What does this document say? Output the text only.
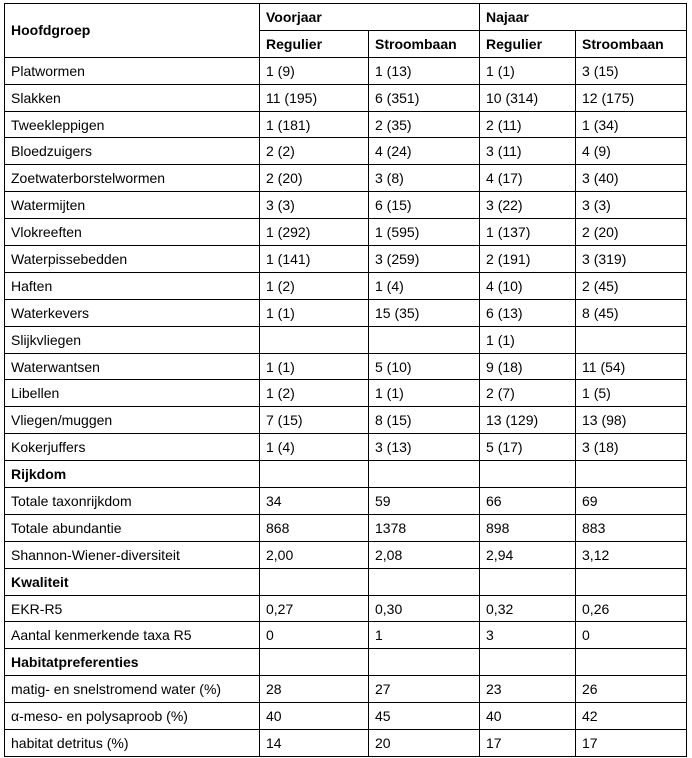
Hoofdgroep	Voorjaar		Najaar	
	Regulier	Stroombaan	Regulier	Stroombaan
Platwormen	1 (9)	1 (13)	1 (1)	3 (15)
Slakken	11 (195)	6 (351)	10 (314)	12 (175)
Tweekleppigen	1 (181)	2 (35)	2 (11)	1 (34)
Bloedzuigers	2 (2)	4 (24)	3 (11)	4 (9)
Zoetwaterborstelwormen	2 (20)	3 (8)	4 (17)	3 (40)
Watermijten	3 (3)	6 (15)	3 (22)	3 (3)
Vlokreeften	1 (292)	1 (595)	1 (137)	2 (20)
Waterpissebedden	1 (141)	3 (259)	2 (191)	3 (319)
Haften	1 (2)	1 (4)	4 (10)	2 (45)
Waterkevers	1 (1)	15 (35)	6 (13)	8 (45)
Slijkvliegen			1 (1)	
Waterwantsen	1 (1)	5 (10)	9 (18)	11 (54)
Libellen	1 (2)	1 (1)	2 (7)	1 (5)
Vliegen/muggen	7 (15)	8 (15)	13 (129)	13 (98)
Kokerjuffers	1 (4)	3 (13)	5 (17)	3 (18)
Rijkdom				
Totale taxonrijkdom	34	59	66	69
Totale abundantie	868	1378	898	883
Shannon-Wiener-diversiteit	2,00	2,08	2,94	3,12
Kwaliteit				
EKR-R5	0,27	0,30	0,32	0,26
Aantal kenmerkende taxa R5	0	1	3	0
Habitatpreferenties				
matig- en snelstromend water (%)	28	27	23	26
α-meso- en polysaproob (%)	40	45	40	42
habitat detritus (%)	14	20	17	17
